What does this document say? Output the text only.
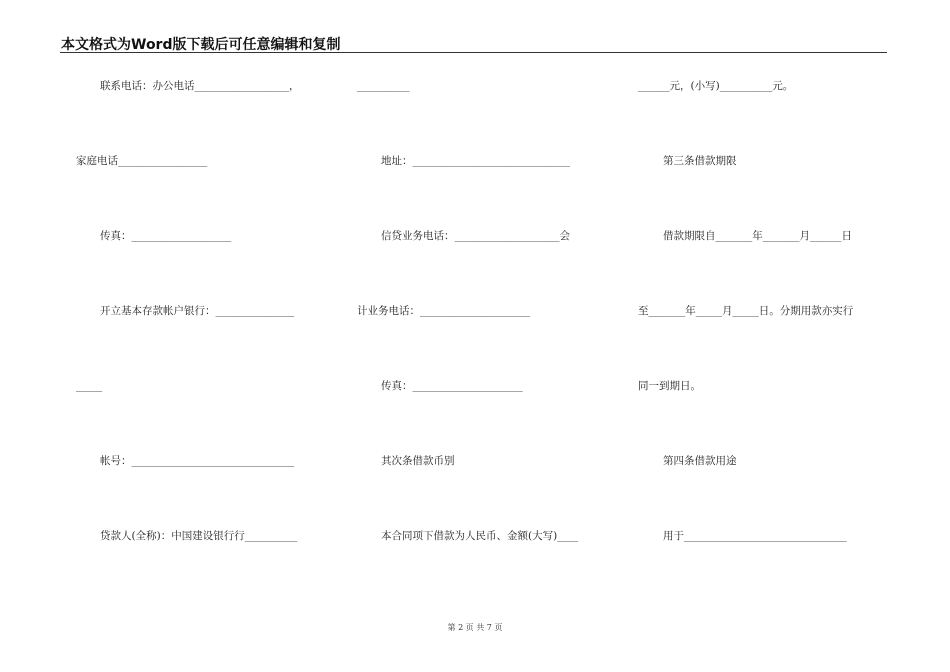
本文格式为Word版下载后可任意编辑和复制
联系电话：办公电话__________________，
家庭电话_________________
传真：___________________
开立基本存款帐户银行：_______________
_____
帐号：_______________________________
贷款人(全称)：中国建设银行行__________
__________
地址：______________________________
信贷业务电话：____________________会
计业务电话：_____________________
传真：_____________________
其次条借款币别
本合同项下借款为人民币、金额(大写)____
______元，(小写)__________元。
第三条借款期限
借款期限自_______年_______月______日
至_______年_____月_____日。分期用款亦实行
同一到期日。
第四条借款用途
用于_______________________________
第 2 页 共 7 页
